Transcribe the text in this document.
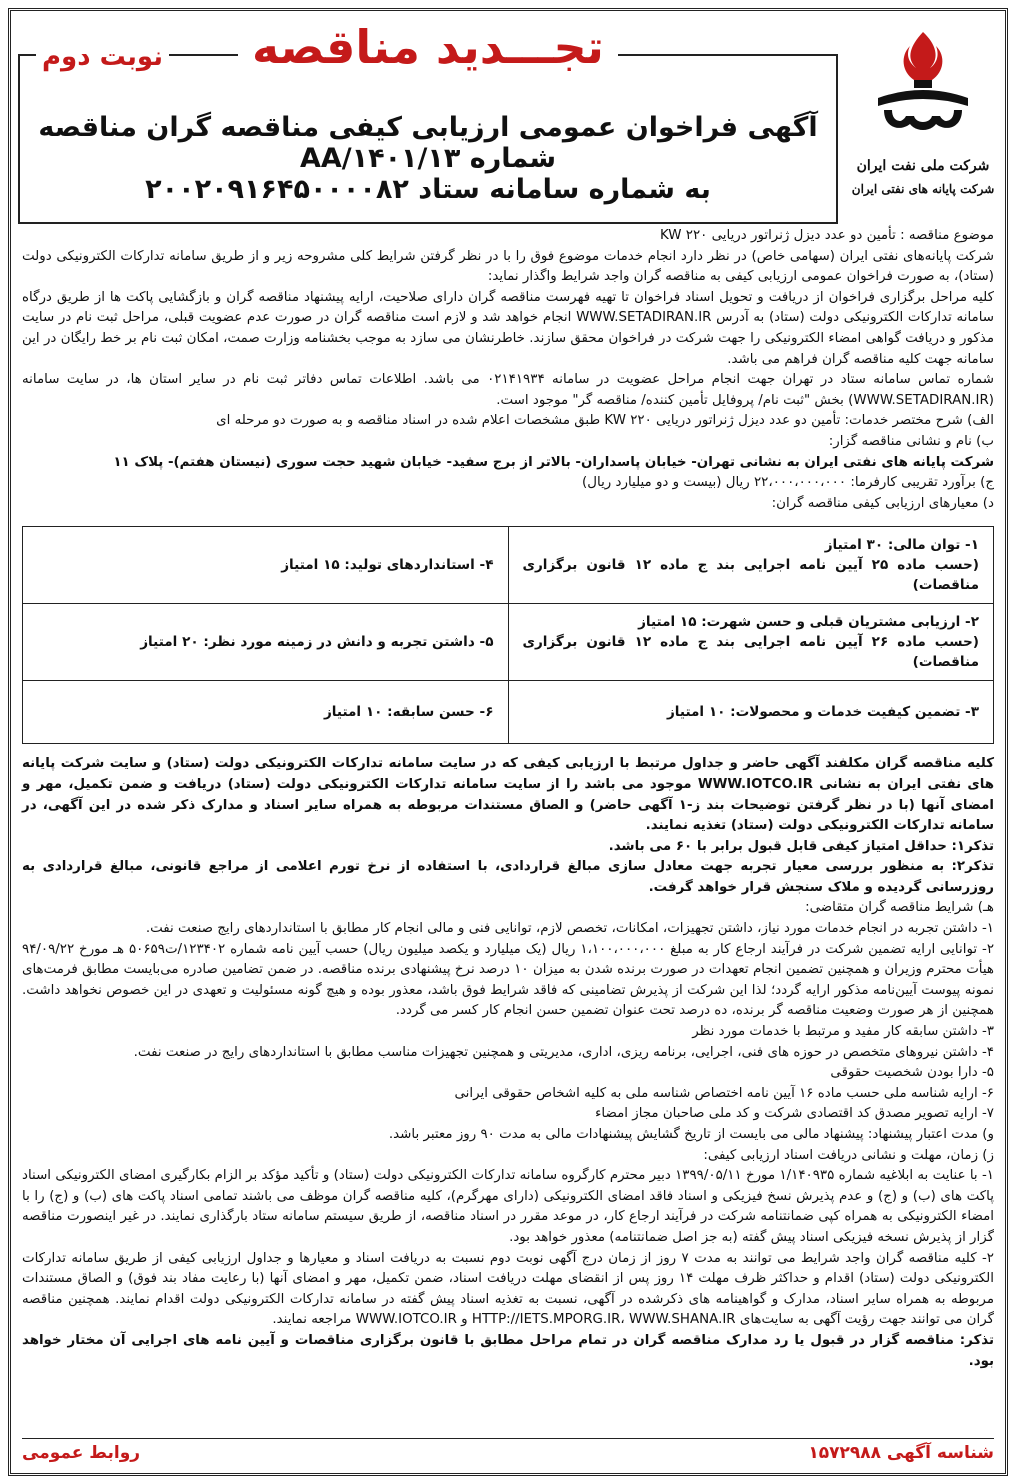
تجـــدید مناقصه
نوبت دوم
آگهی فراخوان عمومی ارزیابی کیفی مناقصه گران مناقصه شماره ۱۴۰۱/۱۳/AA
به شماره سامانه ستاد ۲۰۰۲۰۹۱۶۴۵۰۰۰۰۸۲
شرکت ملی نفت ایران
شرکت پایانه های نفتی ایران

موضوع مناقصه : تأمین دو عدد دیزل ژنراتور دریایی KW ۲۲۰

شرکت پایانه‌های نفتی ایران (سهامی خاص) در نظر دارد انجام خدمات موضوع فوق را با در نظر گرفتن شرایط کلی مشروحه زیر و از طریق سامانه تدارکات الکترونیکی دولت (ستاد)، به صورت فراخوان عمومی ارزیابی کیفی به مناقصه گران واجد شرایط واگذار نماید:

کلیه مراحل برگزاری فراخوان از دریافت و تحویل اسناد فراخوان تا تهیه فهرست مناقصه گران دارای صلاحیت، ارایه پیشنهاد مناقصه گران و بازگشایی پاکت ها از طریق درگاه سامانه تدارکات الکترونیکی دولت (ستاد) به آدرس WWW.SETADIRAN.IR انجام خواهد شد و لازم است مناقصه گران در صورت عدم عضویت قبلی، مراحل ثبت نام در سایت مذکور و دریافت گواهی امضاء الکترونیکی را جهت شرکت در فراخوان محقق سازند. خاطرنشان می سازد به موجب بخشنامه وزارت صمت، امکان ثبت نام بر خط رایگان در این سامانه جهت کلیه مناقصه گران فراهم می باشد.

شماره تماس سامانه ستاد در تهران جهت انجام مراحل عضویت در سامانه ۰۲۱۴۱۹۳۴ می باشد. اطلاعات تماس دفاتر ثبت نام در سایر استان ها، در سایت سامانه (WWW.SETADIRAN.IR) بخش "ثبت نام/ پروفایل تأمین کننده/ مناقصه گر" موجود است.

الف) شرح مختصر خدمات: تأمین دو عدد دیزل ژنراتور دریایی KW ۲۲۰ طبق مشخصات اعلام شده در اسناد مناقصه و به صورت دو مرحله ای

ب) نام و نشانی مناقصه گزار:

شرکت پایانه های نفتی ایران به نشانی تهران- خیابان پاسداران- بالاتر از برج سفید- خیابان شهید حجت سوری (نیستان هفتم)- پلاک ۱۱

ج) برآورد تقریبی کارفرما: ۲۲،۰۰۰،۰۰۰،۰۰۰ ریال (بیست و دو میلیارد ریال)

د) معیارهای ارزیابی کیفی مناقصه گران:

۱- توان مالی: ۳۰ امتیاز
(حسب ماده ۲۵ آیین نامه اجرایی بند ج ماده ۱۲ قانون برگزاری مناقصات)	۴- استانداردهای تولید: ۱۵ امتیاز

۲- ارزیابی مشتریان قبلی و حسن شهرت: ۱۵ امتیاز
(حسب ماده ۲۶ آیین نامه اجرایی بند ج ماده ۱۲ قانون برگزاری مناقصات)	۵- داشتن تجربه و دانش در زمینه مورد نظر: ۲۰ امتیاز

۳- تضمین کیفیت خدمات و محصولات: ۱۰ امتیاز	۶- حسن سابقه: ۱۰ امتیاز

کلیه مناقصه گران مکلفند آگهی حاضر و جداول مرتبط با ارزیابی کیفی که در سایت سامانه تدارکات الکترونیکی دولت (ستاد) و سایت شرکت پایانه های نفتی ایران به نشانی WWW.IOTCO.IR موجود می باشد را از سایت سامانه تدارکات الکترونیکی دولت (ستاد) دریافت و ضمن تکمیل، مهر و امضای آنها (با در نظر گرفتن توضیحات بند ز-۱ آگهی حاضر) و الصاق مستندات مربوطه به همراه سایر اسناد و مدارک ذکر شده در این آگهی، در سامانه تدارکات الکترونیکی دولت (ستاد) تغذیه نمایند.

تذکر۱: حداقل امتیاز کیفی قابل قبول برابر با ۶۰ می باشد.

تذکر۲: به منظور بررسی معیار تجربه جهت معادل سازی مبالغ قراردادی، با استفاده از نرخ تورم اعلامی از مراجع قانونی، مبالغ قراردادی به روزرسانی گردیده و ملاک سنجش قرار خواهد گرفت.

هـ) شرایط مناقصه گران متقاضی:

۱- داشتن تجربه در انجام خدمات مورد نیاز، داشتن تجهیزات، امکانات، تخصص لازم، توانایی فنی و مالی انجام کار مطابق با استانداردهای رایج صنعت نفت.

۲- توانایی ارایه تضمین شرکت در فرآیند ارجاع کار به مبلغ ۱،۱۰۰،۰۰۰،۰۰۰ ریال (یک میلیارد و یکصد میلیون ریال) حسب آیین نامه شماره ۱۲۳۴۰۲/ت۵۰۶۵۹ هـ مورخ ۹۴/۰۹/۲۲ هیأت محترم وزیران و همچنین تضمین انجام تعهدات در صورت برنده شدن به میزان ۱۰ درصد نرخ پیشنهادی برنده مناقصه. در ضمن تضامین صادره می‌بایست مطابق فرمت‌های نمونه پیوست آیین‌نامه مذکور ارایه گردد؛ لذا این شرکت از پذیرش تضامینی که فاقد شرایط فوق باشد، معذور بوده و هیچ گونه مسئولیت و تعهدی در این خصوص نخواهد داشت. همچنین از هر صورت وضعیت مناقصه گر برنده، ده درصد تحت عنوان تضمین حسن انجام کار کسر می گردد.

۳- داشتن سابقه کار مفید و مرتبط با خدمات مورد نظر

۴- داشتن نیروهای متخصص در حوزه های فنی، اجرایی، برنامه ریزی، اداری، مدیریتی و همچنین تجهیزات مناسب مطابق با استانداردهای رایج در صنعت نفت.

۵- دارا بودن شخصیت حقوقی

۶- ارایه شناسه ملی حسب ماده ۱۶ آیین نامه اختصاص شناسه ملی به کلیه اشخاص حقوقی ایرانی

۷- ارایه تصویر مصدق کد اقتصادی شرکت و کد ملی صاحبان مجاز امضاء

و) مدت اعتبار پیشنهاد: پیشنهاد مالی می بایست از تاریخ گشایش پیشنهادات مالی به مدت ۹۰ روز معتبر باشد.

ز) زمان، مهلت و نشانی دریافت اسناد ارزیابی کیفی:

۱- با عنایت به ابلاغیه شماره ۱/۱۴۰۹۳۵ مورخ ۱۳۹۹/۰۵/۱۱ دبیر محترم کارگروه سامانه تدارکات الکترونیکی دولت (ستاد) و تأکید مؤکد بر الزام بکارگیری امضای الکترونیکی اسناد پاکت های (ب) و (ج) و عدم پذیرش نسخ فیزیکی و اسناد فاقد امضای الکترونیکی (دارای مهرگرم)، کلیه مناقصه گران موظف می باشند تمامی اسناد پاکت های (ب) و (ج) را با امضاء الکترونیکی به همراه کپی ضمانتنامه شرکت در فرآیند ارجاع کار، در موعد مقرر در اسناد مناقصه، از طریق سیستم سامانه ستاد بارگذاری نمایند. در غیر اینصورت مناقصه گزار از پذیرش نسخه فیزیکی اسناد پیش گفته (به جز اصل ضمانتنامه) معذور خواهد بود.

۲- کلیه مناقصه گران واجد شرایط می توانند به مدت ۷ روز از زمان درج آگهی نوبت دوم نسبت به دریافت اسناد و معیارها و جداول ارزیابی کیفی از طریق سامانه تدارکات الکترونیکی دولت (ستاد) اقدام و حداکثر ظرف مهلت ۱۴ روز پس از انقضای مهلت دریافت اسناد، ضمن تکمیل، مهر و امضای آنها (با رعایت مفاد بند فوق) و الصاق مستندات مربوطه به همراه سایر اسناد، مدارک و گواهینامه های ذکرشده در آگهی، نسبت به تغذیه اسناد پیش گفته در سامانه تدارکات الکترونیکی دولت اقدام نمایند. همچنین مناقصه گران می توانند جهت رؤیت آگهی به سایت‌های HTTP://IETS.MPORG.IR، WWW.SHANA.IR و WWW.IOTCO.IR مراجعه نمایند.

تذکر: مناقصه گزار در قبول یا رد مدارک مناقصه گران در تمام مراحل مطابق با قانون برگزاری مناقصات و آیین نامه های اجرایی آن مختار خواهد بود.

شناسه آگهی ۱۵۷۲۹۸۸
روابط عمومی
